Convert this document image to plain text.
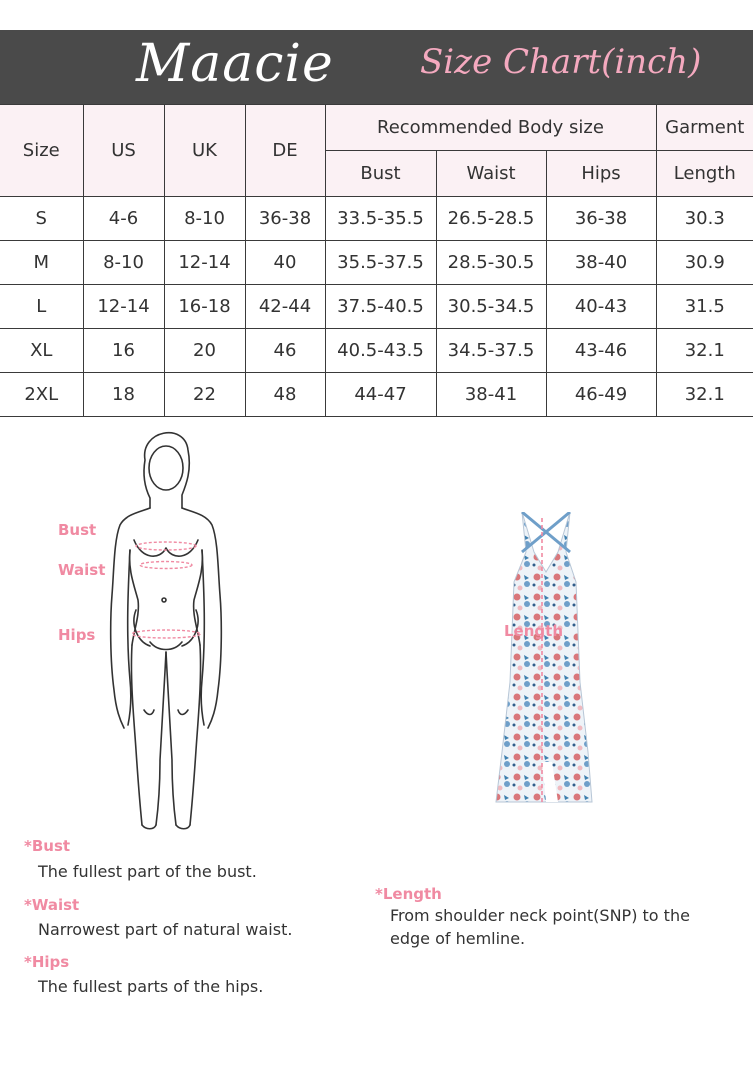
Maacie	Size Chart(inch)
Size	US	UK	DE	Recommended Body size			Garment
				Bust	Waist	Hips	Length
S	4-6	8-10	36-38	33.5-35.5	26.5-28.5	36-38	30.3
M	8-10	12-14	40	35.5-37.5	28.5-30.5	38-40	30.9
L	12-14	16-18	42-44	37.5-40.5	30.5-34.5	40-43	31.5
XL	16	20	46	40.5-43.5	34.5-37.5	43-46	32.1
2XL	18	22	48	44-47	38-41	46-49	32.1
Bust
Waist
Hips	Length
*Bust
The fullest part of the bust.
*Waist
Narrowest part of natural waist.
*Hips
The fullest parts of the hips.
*Length
From shoulder neck point(SNP) to the
edge of hemline.
